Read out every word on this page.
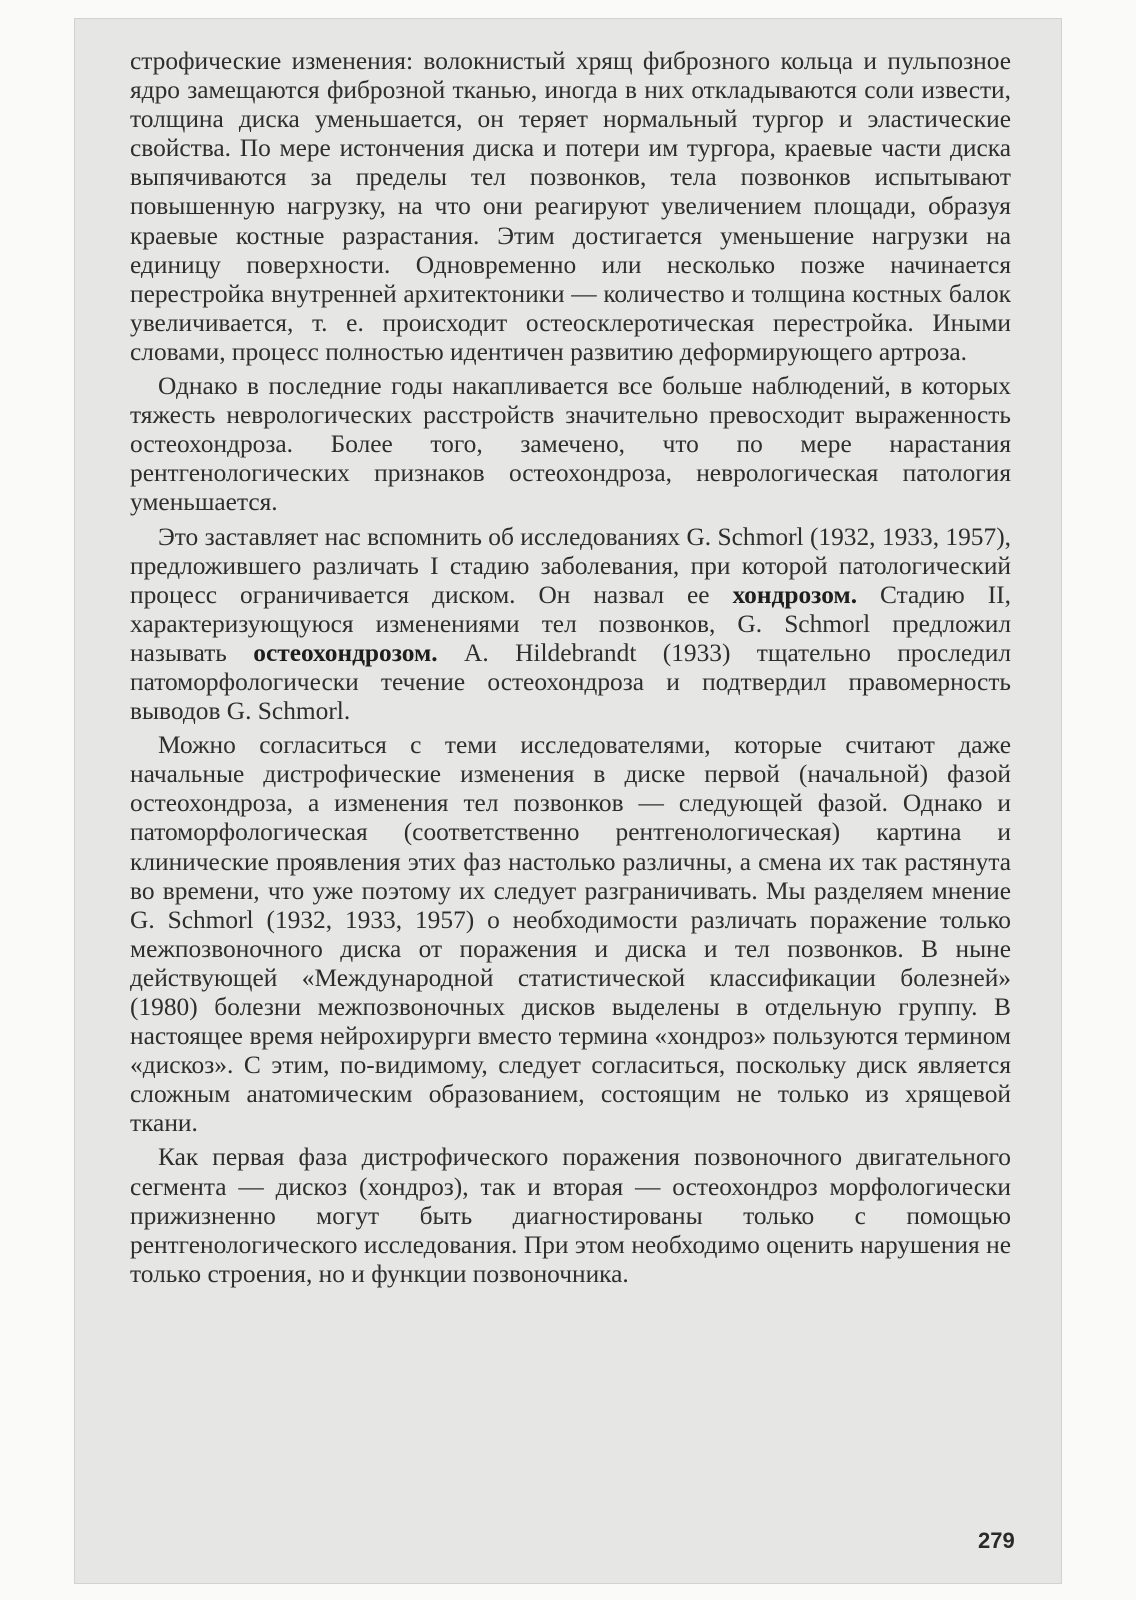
строфические изменения: волокнистый хрящ фиброзного кольца и пульпозное ядро замещаются фиброзной тканью, иногда в них откладываются соли извести, толщина диска уменьшается, он теряет нормальный тургор и эластические свойства. По мере истончения диска и потери им тургора, краевые части диска выпячиваются за пределы тел позвонков, тела позвонков испытывают повышенную нагрузку, на что они реагируют увеличением площади, образуя краевые костные разрастания. Этим достигается уменьшение нагрузки на единицу поверхности. Одновременно или несколько позже начинается перестройка внутренней архитектоники — количество и толщина костных балок увеличивается, т. е. происходит остеосклеротическая перестройка. Иными словами, процесс полностью идентичен развитию деформирующего артроза.

Однако в последние годы накапливается все больше наблюдений, в которых тяжесть неврологических расстройств значительно превосходит выраженность остеохондроза. Более того, замечено, что по мере нарастания рентгенологических признаков остеохондроза, неврологическая патология уменьшается.

Это заставляет нас вспомнить об исследованиях G. Schmorl (1932, 1933, 1957), предложившего различать I стадию заболевания, при которой патологический процесс ограничивается диском. Он назвал ее хондрозом. Стадию II, характеризующуюся изменениями тел позвонков, G. Schmorl предложил называть остеохондрозом. A. Hildebrandt (1933) тщательно проследил патоморфологически течение остеохондроза и подтвердил правомерность выводов G. Schmorl.

Можно согласиться с теми исследователями, которые считают даже начальные дистрофические изменения в диске первой (начальной) фазой остеохондроза, а изменения тел позвонков — следующей фазой. Однако и патоморфологическая (соответственно рентгенологическая) картина и клинические проявления этих фаз настолько различны, а смена их так растянута во времени, что уже поэтому их следует разграничивать. Мы разделяем мнение G. Schmorl (1932, 1933, 1957) о необходимости различать поражение только межпозвоночного диска от поражения и диска и тел позвонков. В ныне действующей «Международной статистической классификации болезней» (1980) болезни межпозвоночных дисков выделены в отдельную группу. В настоящее время нейрохирурги вместо термина «хондроз» пользуются термином «дискоз». С этим, по-видимому, следует согласиться, поскольку диск является сложным анатомическим образованием, состоящим не только из хрящевой ткани.

Как первая фаза дистрофического поражения позвоночного двигательного сегмента — дискоз (хондроз), так и вторая — остеохондроз морфологически прижизненно могут быть диагностированы только с помощью рентгенологического исследования. При этом необходимо оценить нарушения не только строения, но и функции позвоночника.

279
